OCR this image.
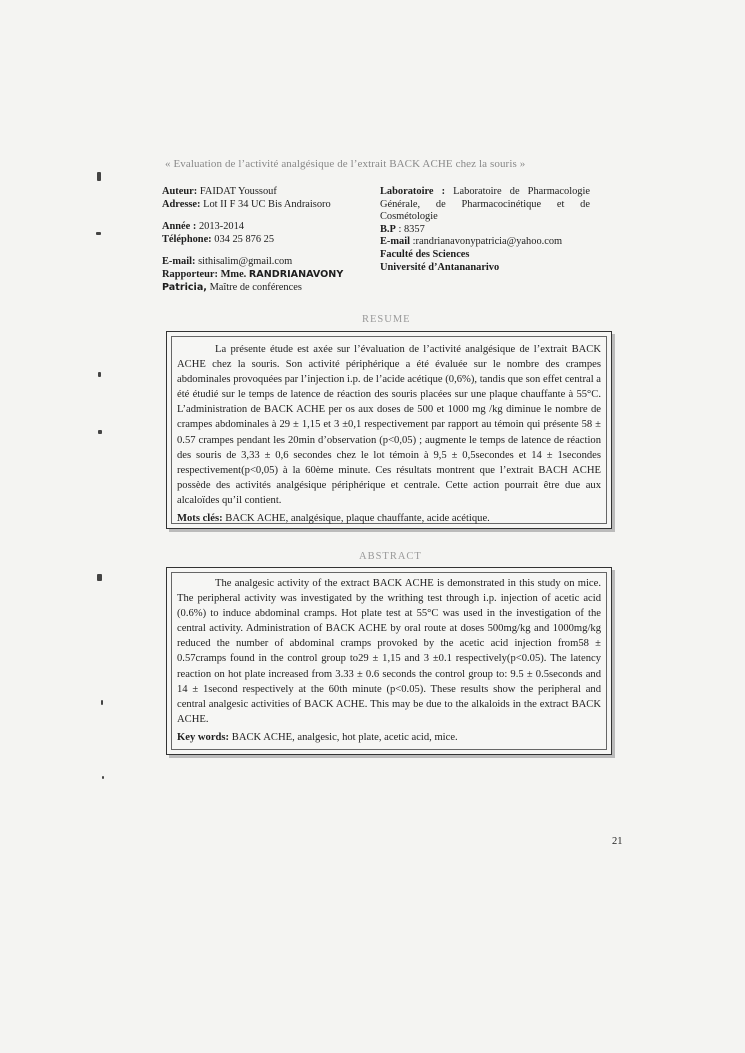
« Evaluation de l’activité analgésique de l’extrait BACK ACHE chez la souris »
Auteur: FAIDAT Youssouf
Adresse: Lot II F 34 UC Bis Andraisoro
Année : 2013-2014
Téléphone: 034 25 876 25
E-mail: sithisalim@gmail.com
Rapporteur: Mme. RANDRIANAVONY
Patricia, Maître de conférences
Laboratoire : Laboratoire de Pharmacologie Générale, de Pharmacocinétique et de Cosmétologie
B.P : 8357
E-mail :randrianavonypatricia@yahoo.com
Faculté des Sciences
Université d’Antananarivo
RESUME
La présente étude est axée sur l’évaluation de l’activité analgésique de l’extrait BACK ACHE chez la souris. Son activité périphérique a été évaluée sur le nombre des crampes abdominales provoquées par l’injection i.p. de l’acide acétique (0,6%), tandis que son effet central a été étudié sur le temps de latence de réaction des souris placées sur une plaque chauffante à 55°C. L’administration de BACK ACHE per os aux doses de 500 et 1000 mg /kg diminue le nombre de crampes abdominales à 29 ± 1,15 et 3 ±0,1 respectivement par rapport au témoin qui présente 58 ± 0.57 crampes pendant les 20min d’observation (p<0,05) ; augmente le temps de latence de réaction des souris de 3,33 ± 0,6 secondes chez le lot témoin à 9,5 ± 0,5secondes et 14 ± 1secondes respectivement(p<0,05) à la 60ème minute. Ces résultats montrent que l’extrait BACH ACHE possède des activités analgésique périphérique et centrale. Cette action pourrait être due aux alcaloïdes qu’il contient.
Mots clés: BACK ACHE, analgésique, plaque chauffante, acide acétique.
ABSTRACT
The analgesic activity of the extract BACK ACHE is demonstrated in this study on mice. The peripheral activity was investigated by the writhing test through i.p. injection of acetic acid (0.6%) to induce abdominal cramps. Hot plate test at 55°C was used in the investigation of the central activity. Administration of BACK ACHE by oral route at doses 500mg/kg and 1000mg/kg reduced the number of abdominal cramps provoked by the acetic acid injection from58 ± 0.57cramps found in the control group to29 ± 1,15 and 3 ±0.1 respectively(p<0.05). The latency reaction on hot plate increased from 3.33 ± 0.6 seconds the control group to: 9.5 ± 0.5seconds and 14 ± 1second respectively at the 60th minute (p<0.05). These results show the peripheral and central analgesic activities of BACK ACHE. This may be due to the alkaloids in the extract BACK ACHE.
Key words: BACK ACHE, analgesic, hot plate, acetic acid, mice.
21
